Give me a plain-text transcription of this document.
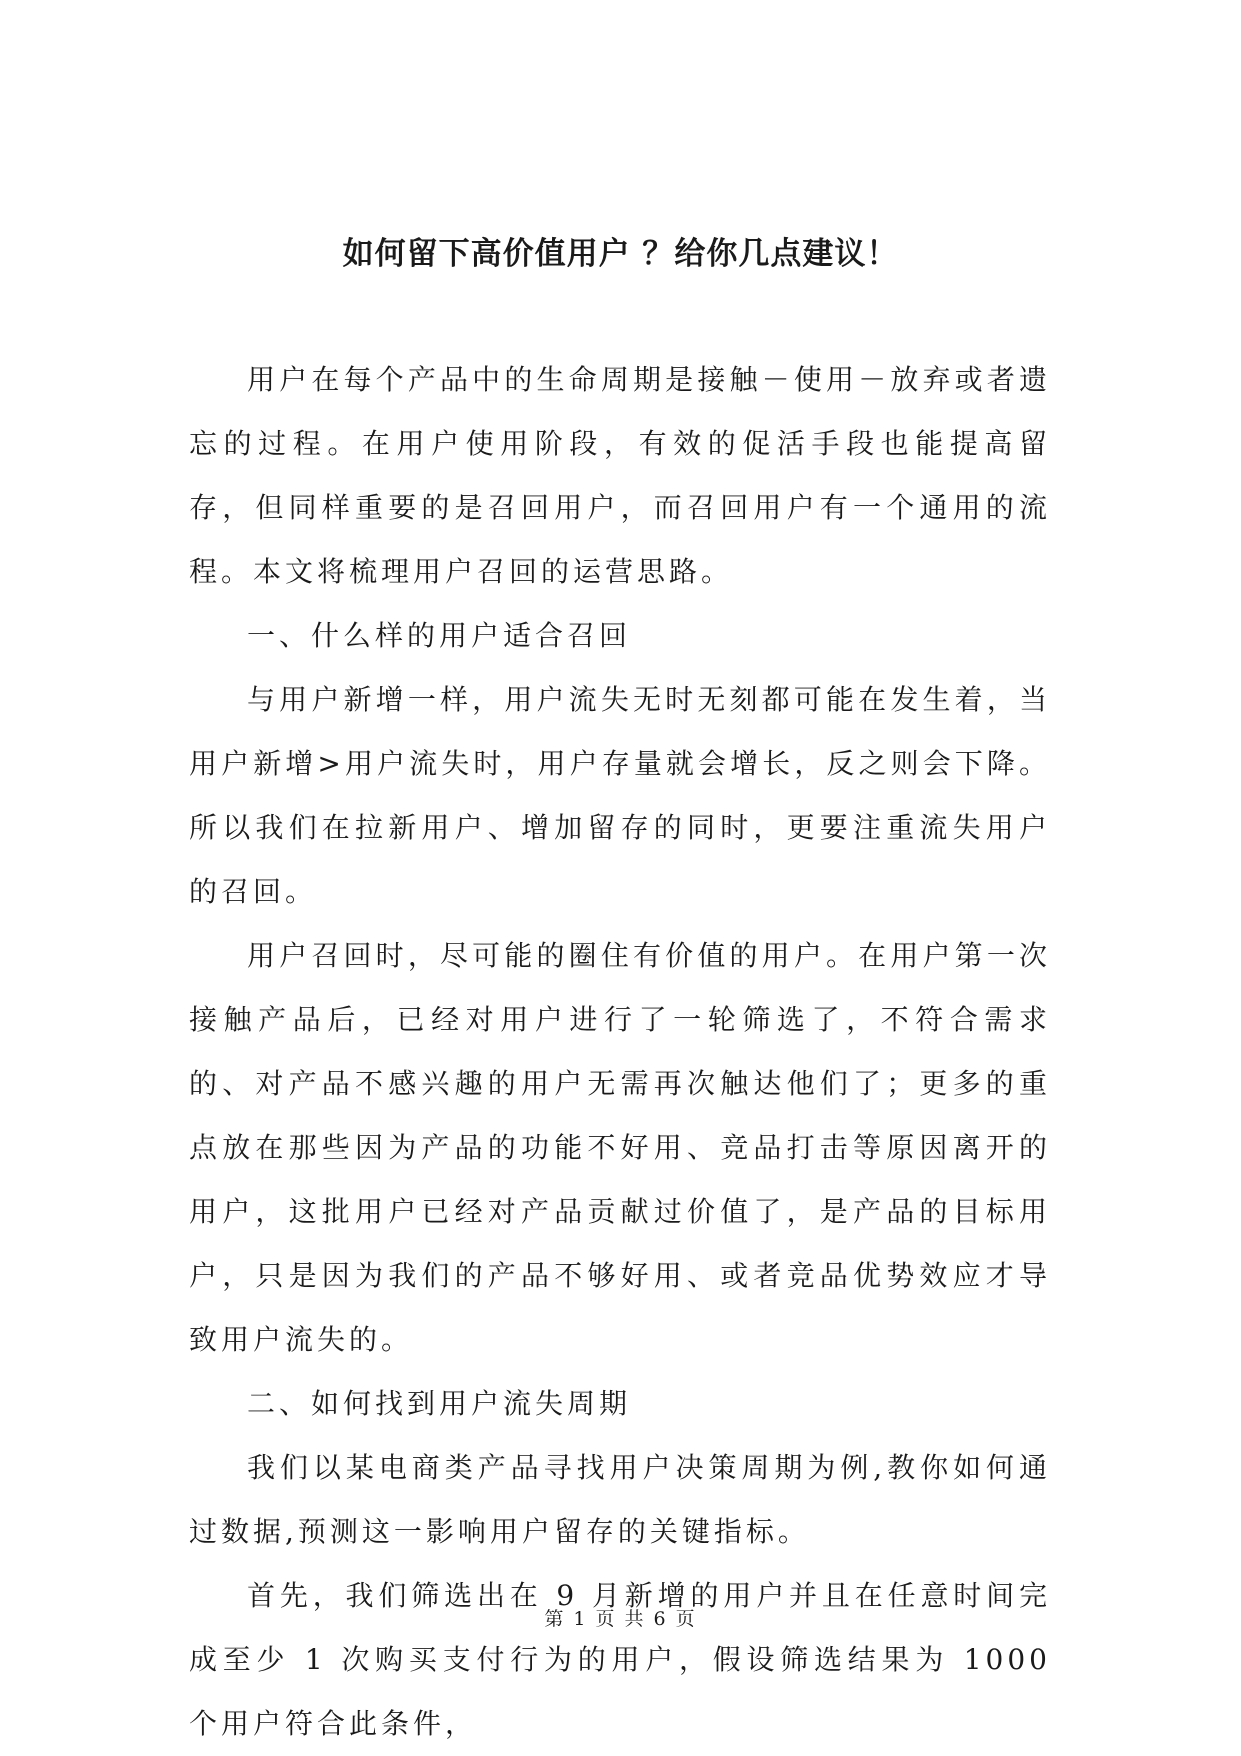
如何留下高价值用户 ？给你几点建议！

用户在每个产品中的生命周期是接触－使用－放弃或者遗忘的过程。在用户使用阶段，有效的促活手段也能提高留存，但同样重要的是召回用户，而召回用户有一个通用的流程。本文将梳理用户召回的运营思路。

一、什么样的用户适合召回

与用户新增一样，用户流失无时无刻都可能在发生着，当用户新增>用户流失时，用户存量就会增长，反之则会下降。所以我们在拉新用户、增加留存的同时，更要注重流失用户的召回。

用户召回时，尽可能的圈住有价值的用户。在用户第一次接触产品后，已经对用户进行了一轮筛选了，不符合需求的、对产品不感兴趣的用户无需再次触达他们了；更多的重点放在那些因为产品的功能不好用、竞品打击等原因离开的用户，这批用户已经对产品贡献过价值了，是产品的目标用户，只是因为我们的产品不够好用、或者竞品优势效应才导致用户流失的。

二、如何找到用户流失周期

我们以某电商类产品寻找用户决策周期为例,教你如何通过数据,预测这一影响用户留存的关键指标。

首先，我们筛选出在 9 月新增的用户并且在任意时间完成至少 1 次购买支付行为的用户，假设筛选结果为 1000 个用户符合此条件，

第 1 页 共 6 页
